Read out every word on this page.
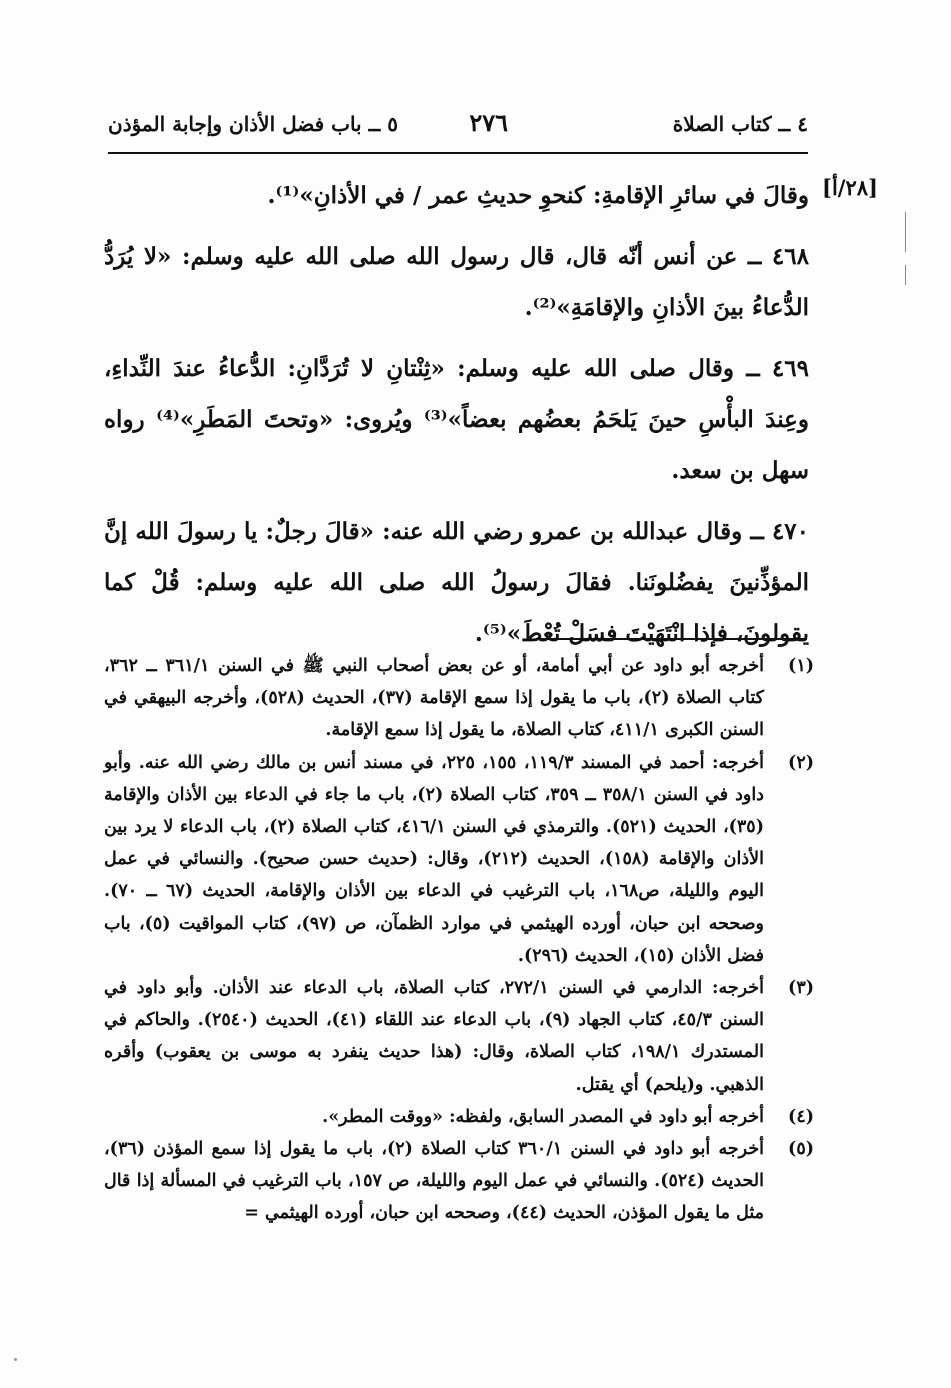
٤ ــ كتاب الصلاة
٢٧٦
٥ ــ باب فضل الأذان وإجابة المؤذن
[٢٨/أ]

وقالَ في سائرِ الإقامةِ: كنحوِ حديثِ عمر / في الأذانِ»⁽¹⁾.

٤٦٨ ــ عن أنس أنّه قال، قال رسول الله صلى الله عليه وسلم: «لا يُرَدُّ الدُّعاءُ بينَ الأذانِ والإقامَةِ»⁽²⁾.

٤٦٩ ــ وقال صلى الله عليه وسلم: «ثِنْتانِ لا تُرَدَّانِ: الدُّعاءُ عندَ النِّداءِ، وعِندَ البأْسِ حينَ يَلحَمُ بعضُهم بعضاً»⁽³⁾ ويُروى: «وتحتَ المَطَرِ»⁽⁴⁾ رواه سهل بن سعد.

٤٧٠ ــ وقال عبدالله بن عمرو رضي الله عنه: «قالَ رجلٌ: يا رسولَ الله إنَّ المؤذِّنينَ يفضُلونَنا. فقالَ رسولُ الله صلى الله عليه وسلم: قُلْ كما يقولونَ، فإذا انْتَهَيْتَ فسَلْ تُعْطَ»⁽⁵⁾.

(١)
أخرجه أبو داود عن أبي أمامة، أو عن بعض أصحاب النبي ﷺ في السنن ٣٦١/١ ــ ٣٦٢، كتاب الصلاة (٢)، باب ما يقول إذا سمع الإقامة (٣٧)، الحديث (٥٢٨)، وأخرجه البيهقي في السنن الكبرى ٤١١/١، كتاب الصلاة، ما يقول إذا سمع الإقامة.
(٢)
أخرجه: أحمد في المسند ١١٩/٣، ١٥٥، ٢٢٥، في مسند أنس بن مالك رضي الله عنه. وأبو داود في السنن ٣٥٨/١ ــ ٣٥٩، كتاب الصلاة (٢)، باب ما جاء في الدعاء بين الأذان والإقامة (٣٥)، الحديث (٥٢١). والترمذي في السنن ٤١٦/١، كتاب الصلاة (٢)، باب الدعاء لا يرد بين الأذان والإقامة (١٥٨)، الحديث (٢١٢)، وقال: (حديث حسن صحيح). والنسائي في عمل اليوم والليلة، ص١٦٨، باب الترغيب في الدعاء بين الأذان والإقامة، الحديث (٦٧ ــ ٧٠). وصححه ابن حبان، أورده الهيثمي في موارد الظمآن، ص (٩٧)، كتاب المواقيت (٥)، باب فضل الأذان (١٥)، الحديث (٢٩٦).
(٣)
أخرجه: الدارمي في السنن ٢٧٢/١، كتاب الصلاة، باب الدعاء عند الأذان. وأبو داود في السنن ٤٥/٣، كتاب الجهاد (٩)، باب الدعاء عند اللقاء (٤١)، الحديث (٢٥٤٠). والحاكم في المستدرك ١٩٨/١، كتاب الصلاة، وقال: (هذا حديث ينفرد به موسى بن يعقوب) وأقره الذهبي. و(يلحم) أي يقتل.
(٤)
أخرجه أبو داود في المصدر السابق، ولفظه: «ووقت المطر».
(٥)
أخرجه أبو داود في السنن ٣٦٠/١ كتاب الصلاة (٢)، باب ما يقول إذا سمع المؤذن (٣٦)، الحديث (٥٢٤). والنسائي في عمل اليوم والليلة، ص ١٥٧، باب الترغيب في المسألة إذا قال مثل ما يقول المؤذن، الحديث (٤٤)، وصححه ابن حبان، أورده الهيثمي =
